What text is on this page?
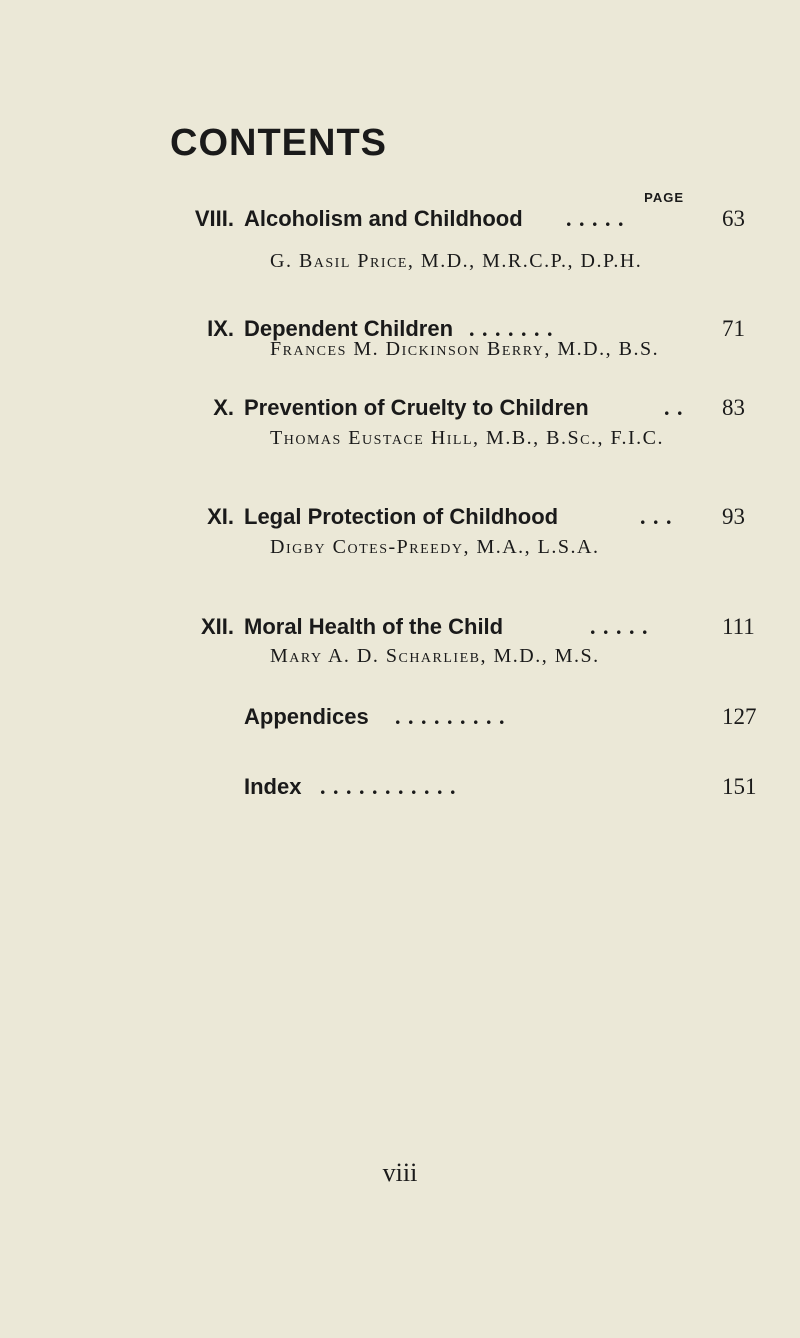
CONTENTS
PAGE
VIII. Alcoholism and Childhood . . . . .	63
G. Basil Price, M.D., M.R.C.P., D.P.H.
IX. Dependent Children . . . . . . .	71
Frances M. Dickinson Berry, M.D., B.S.
X. Prevention of Cruelty to Children	. . 83
Thomas Eustace Hill, M.B., B.Sc., F.I.C.
XI. Legal Protection of Childhood	. . . 93
Digby Cotes-Preedy, M.A., L.S.A.
XII. Moral Health of the Child	. . . . .	111
Mary A. D. Scharlieb, M.D., M.S.
Appendices . . . . . . . . .	127
Index . . . . . . . . . . .	151
viii
